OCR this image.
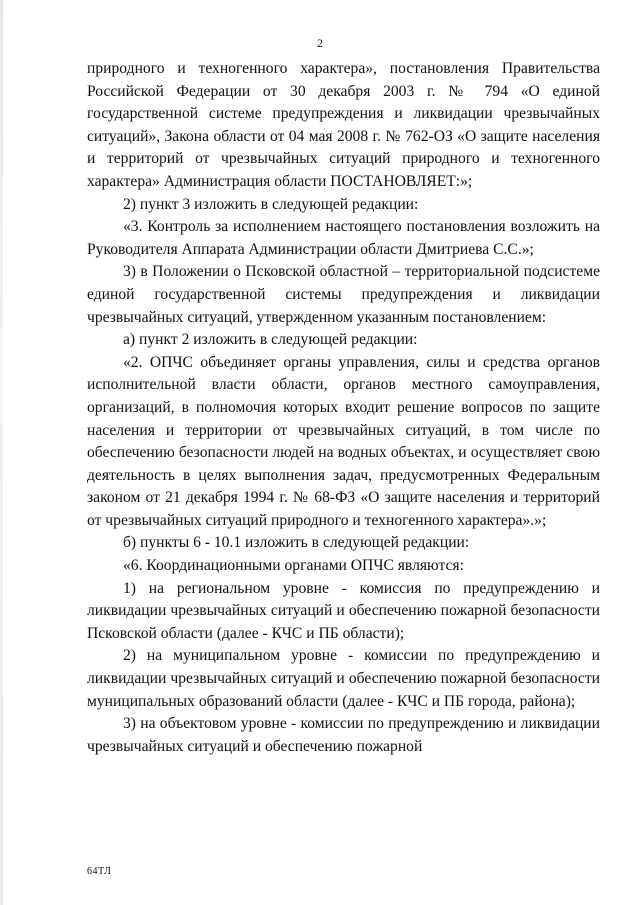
2

природного и техногенного характера», постановления Правительства Российской Федерации от 30 декабря 2003 г. № 794 «О единой государственной системе предупреждения и ликвидации чрезвычайных ситуаций», Закона области от 04 мая 2008 г. № 762-ОЗ «О защите населения и территорий от чрезвычайных ситуаций природного и техногенного характера» Администрация области ПОСТАНОВЛЯЕТ:»;

2) пункт 3 изложить в следующей редакции:

«3. Контроль за исполнением настоящего постановления возложить на Руководителя Аппарата Администрации области Дмитриева С.С.»;

3) в Положении о Псковской областной – территориальной подсистеме единой государственной системы предупреждения и ликвидации чрезвычайных ситуаций, утвержденном указанным постановлением:

а) пункт 2 изложить в следующей редакции:

«2. ОПЧС объединяет органы управления, силы и средства органов исполнительной власти области, органов местного самоуправления, организаций, в полномочия которых входит решение вопросов по защите населения и территории от чрезвычайных ситуаций, в том числе по обеспечению безопасности людей на водных объектах, и осуществляет свою деятельность в целях выполнения задач, предусмотренных Федеральным законом от 21 декабря 1994 г. № 68-ФЗ «О защите населения и территорий от чрезвычайных ситуаций природного и техногенного характера».»;

б) пункты 6 - 10.1 изложить в следующей редакции:

«6. Координационными органами ОПЧС являются:

1) на региональном уровне - комиссия по предупреждению и ликвидации чрезвычайных ситуаций и обеспечению пожарной безопасности Псковской области (далее - КЧС и ПБ области);

2) на муниципальном уровне - комиссии по предупреждению и ликвидации чрезвычайных ситуаций и обеспечению пожарной безопасности муниципальных образований области (далее - КЧС и ПБ города, района);

3) на объектовом уровне - комиссии по предупреждению и ликвидации чрезвычайных ситуаций и обеспечению пожарной

64ТЛ
